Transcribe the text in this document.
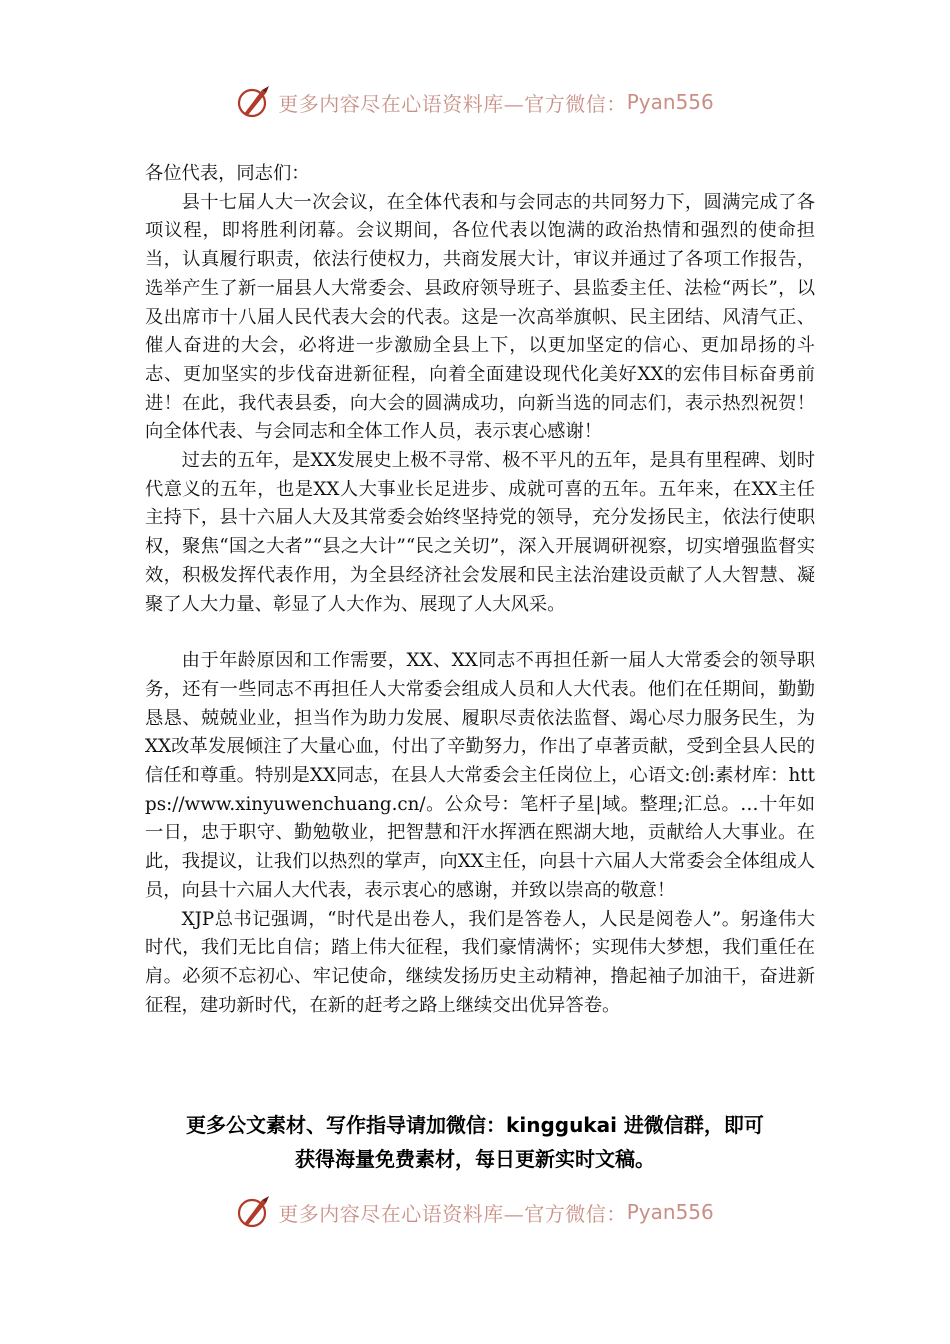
更多内容尽在心语资料库—官方微信： Pyan556

各位代表，同志们：

县十七届人大一次会议，在全体代表和与会同志的共同努力下，圆满完成了各项议程，即将胜利闭幕。会议期间，各位代表以饱满的政治热情和强烈的使命担当，认真履行职责，依法行使权力，共商发展大计，审议并通过了各项工作报告，选举产生了新一届县人大常委会、县政府领导班子、县监委主任、法检“两长”，以及出席市十八届人民代表大会的代表。这是一次高举旗帜、民主团结、风清气正、催人奋进的大会，必将进一步激励全县上下，以更加坚定的信心、更加昂扬的斗志、更加坚实的步伐奋进新征程，向着全面建设现代化美好XX的宏伟目标奋勇前进！在此，我代表县委，向大会的圆满成功，向新当选的同志们，表示热烈祝贺！向全体代表、与会同志和全体工作人员，表示衷心感谢！

过去的五年，是XX发展史上极不寻常、极不平凡的五年，是具有里程碑、划时代意义的五年，也是XX人大事业长足进步、成就可喜的五年。五年来，在XX主任主持下，县十六届人大及其常委会始终坚持党的领导，充分发扬民主，依法行使职权，聚焦“国之大者”“县之大计”“民之关切”，深入开展调研视察，切实增强监督实效，积极发挥代表作用，为全县经济社会发展和民主法治建设贡献了人大智慧、凝聚了人大力量、彰显了人大作为、展现了人大风采。

由于年龄原因和工作需要，XX、XX同志不再担任新一届人大常委会的领导职务，还有一些同志不再担任人大常委会组成人员和人大代表。他们在任期间，勤勤恳恳、兢兢业业，担当作为助力发展、履职尽责依法监督、竭心尽力服务民生，为XX改革发展倾注了大量心血，付出了辛勤努力，作出了卓著贡献，受到全县人民的信任和尊重。特别是XX同志，在县人大常委会主任岗位上，心语文:创:素材库：https://www.xinyuwenchuang.cn/。公众号：笔杆子星|域。整理;汇总。…十年如一日，忠于职守、勤勉敬业，把智慧和汗水挥洒在熙湖大地，贡献给人大事业。在此，我提议，让我们以热烈的掌声，向XX主任，向县十六届人大常委会全体组成人员，向县十六届人大代表，表示衷心的感谢，并致以崇高的敬意！

XJP总书记强调，“时代是出卷人，我们是答卷人，人民是阅卷人”。躬逢伟大时代，我们无比自信；踏上伟大征程，我们豪情满怀；实现伟大梦想，我们重任在肩。必须不忘初心、牢记使命，继续发扬历史主动精神，撸起袖子加油干，奋进新征程，建功新时代，在新的赶考之路上继续交出优异答卷。

更多公文素材、写作指导请加微信：kinggukai 进微信群，即可
获得海量免费素材，每日更新实时文稿。
更多内容尽在心语资料库—官方微信： Pyan556
